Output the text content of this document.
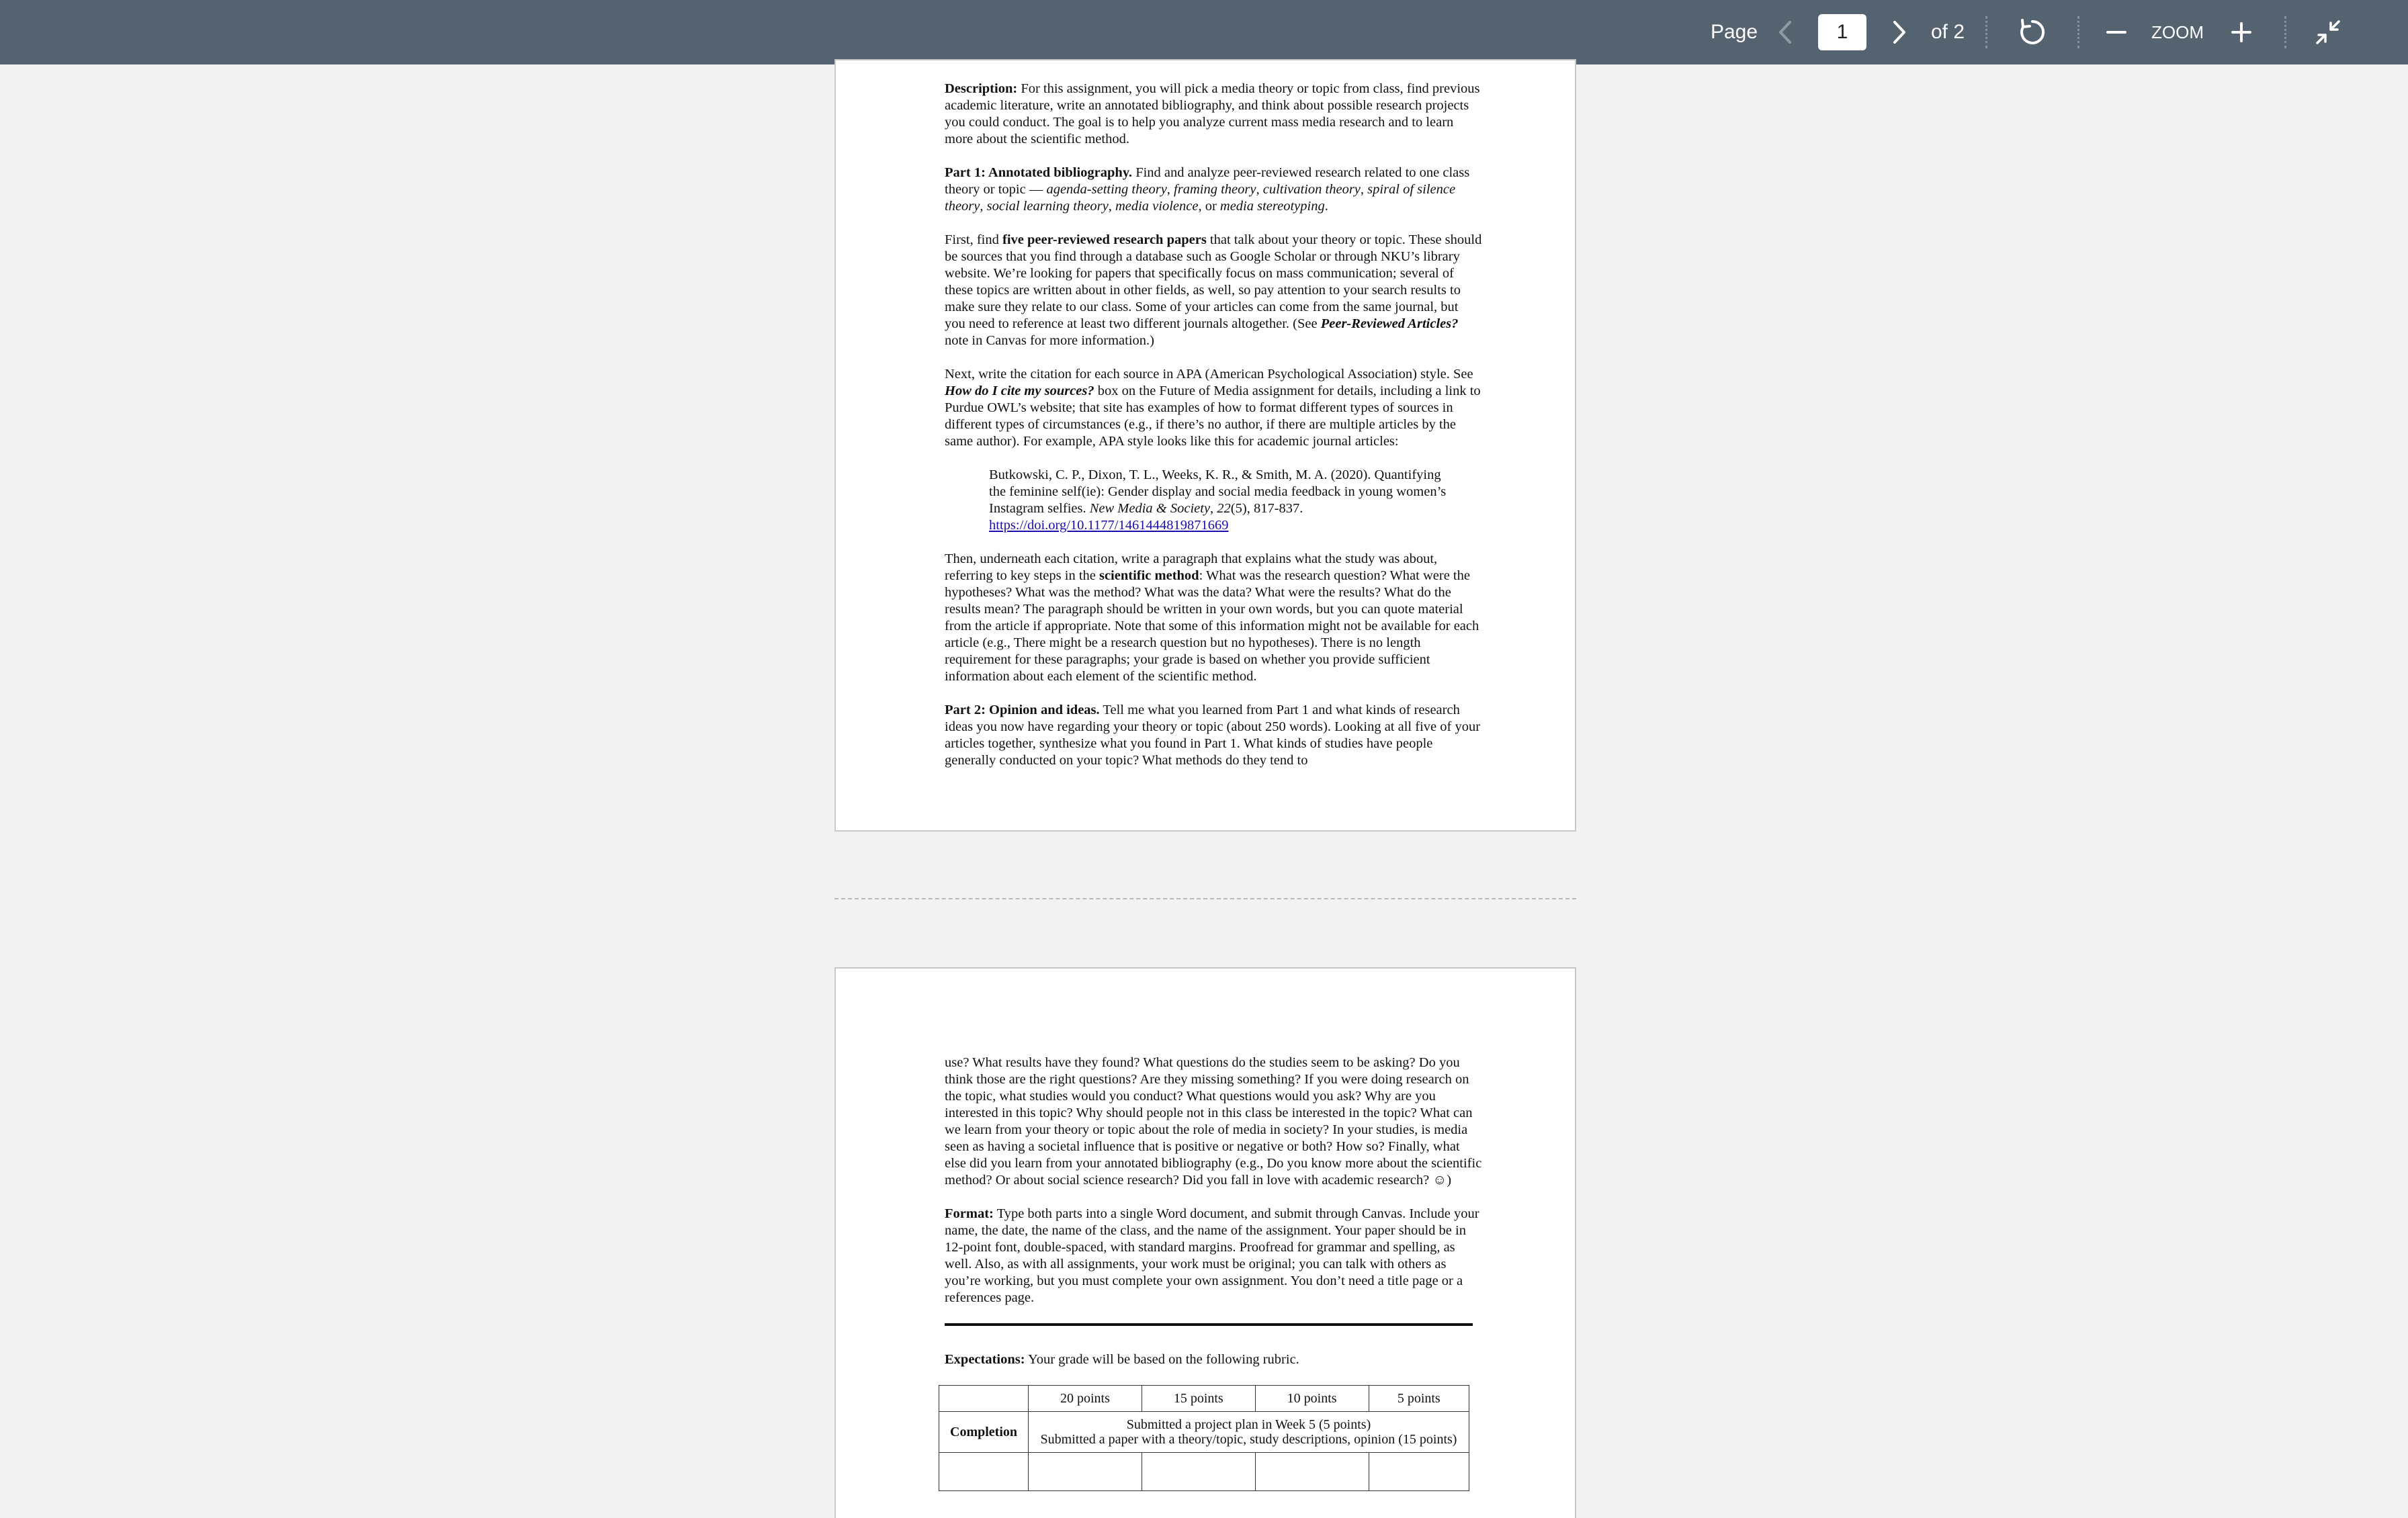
Page
1	of 2	ZOOM

Description: For this assignment, you will pick a media theory or topic from class, find previous academic literature, write an annotated bibliography, and think about possible research projects you could conduct. The goal is to help you analyze current mass media research and to learn more about the scientific method.

Part 1: Annotated bibliography. Find and analyze peer-reviewed research related to one class theory or topic — agenda-setting theory, framing theory, cultivation theory, spiral of silence theory, social learning theory, media violence, or media stereotyping.

First, find five peer-reviewed research papers that talk about your theory or topic. These should be sources that you find through a database such as Google Scholar or through NKU’s library website. We’re looking for papers that specifically focus on mass communication; several of these topics are written about in other fields, as well, so pay attention to your search results to make sure they relate to our class. Some of your articles can come from the same journal, but you need to reference at least two different journals altogether. (See Peer-Reviewed Articles? note in Canvas for more information.)

Next, write the citation for each source in APA (American Psychological Association) style. See How do I cite my sources? box on the Future of Media assignment for details, including a link to Purdue OWL’s website; that site has examples of how to format different types of sources in different types of circumstances (e.g., if there’s no author, if there are multiple articles by the same author). For example, APA style looks like this for academic journal articles:

Butkowski, C. P., Dixon, T. L., Weeks, K. R., & Smith, M. A. (2020). Quantifying the feminine self(ie): Gender display and social media feedback in young women’s Instagram selfies. New Media & Society, 22(5), 817-837.
https://doi.org/10.1177/1461444819871669

Then, underneath each citation, write a paragraph that explains what the study was about, referring to key steps in the scientific method: What was the research question? What were the hypotheses? What was the method? What was the data? What were the results? What do the results mean? The paragraph should be written in your own words, but you can quote material from the article if appropriate. Note that some of this information might not be available for each article (e.g., There might be a research question but no hypotheses). There is no length requirement for these paragraphs; your grade is based on whether you provide sufficient information about each element of the scientific method.

Part 2: Opinion and ideas. Tell me what you learned from Part 1 and what kinds of research ideas you now have regarding your theory or topic (about 250 words). Looking at all five of your articles together, synthesize what you found in Part 1. What kinds of studies have people generally conducted on your topic? What methods do they tend to

use? What results have they found? What questions do the studies seem to be asking? Do you think those are the right questions? Are they missing something? If you were doing research on the topic, what studies would you conduct? What questions would you ask? Why are you interested in this topic? Why should people not in this class be interested in the topic? What can we learn from your theory or topic about the role of media in society? In your studies, is media seen as having a societal influence that is positive or negative or both? How so? Finally, what else did you learn from your annotated bibliography (e.g., Do you know more about the scientific method? Or about social science research? Did you fall in love with academic research? ☺)

Format: Type both parts into a single Word document, and submit through Canvas. Include your name, the date, the name of the class, and the name of the assignment. Your paper should be in 12-point font, double-spaced, with standard margins. Proofread for grammar and spelling, as well. Also, as with all assignments, your work must be original; you can talk with others as you’re working, but you must complete your own assignment. You don’t need a title page or a references page.

Expectations: Your grade will be based on the following rubric.

	20 points	15 points	10 points	5 points
Completion	Submitted a project plan in Week 5 (5 points)
Submitted a paper with a theory/topic, study descriptions, opinion (15 points)			
